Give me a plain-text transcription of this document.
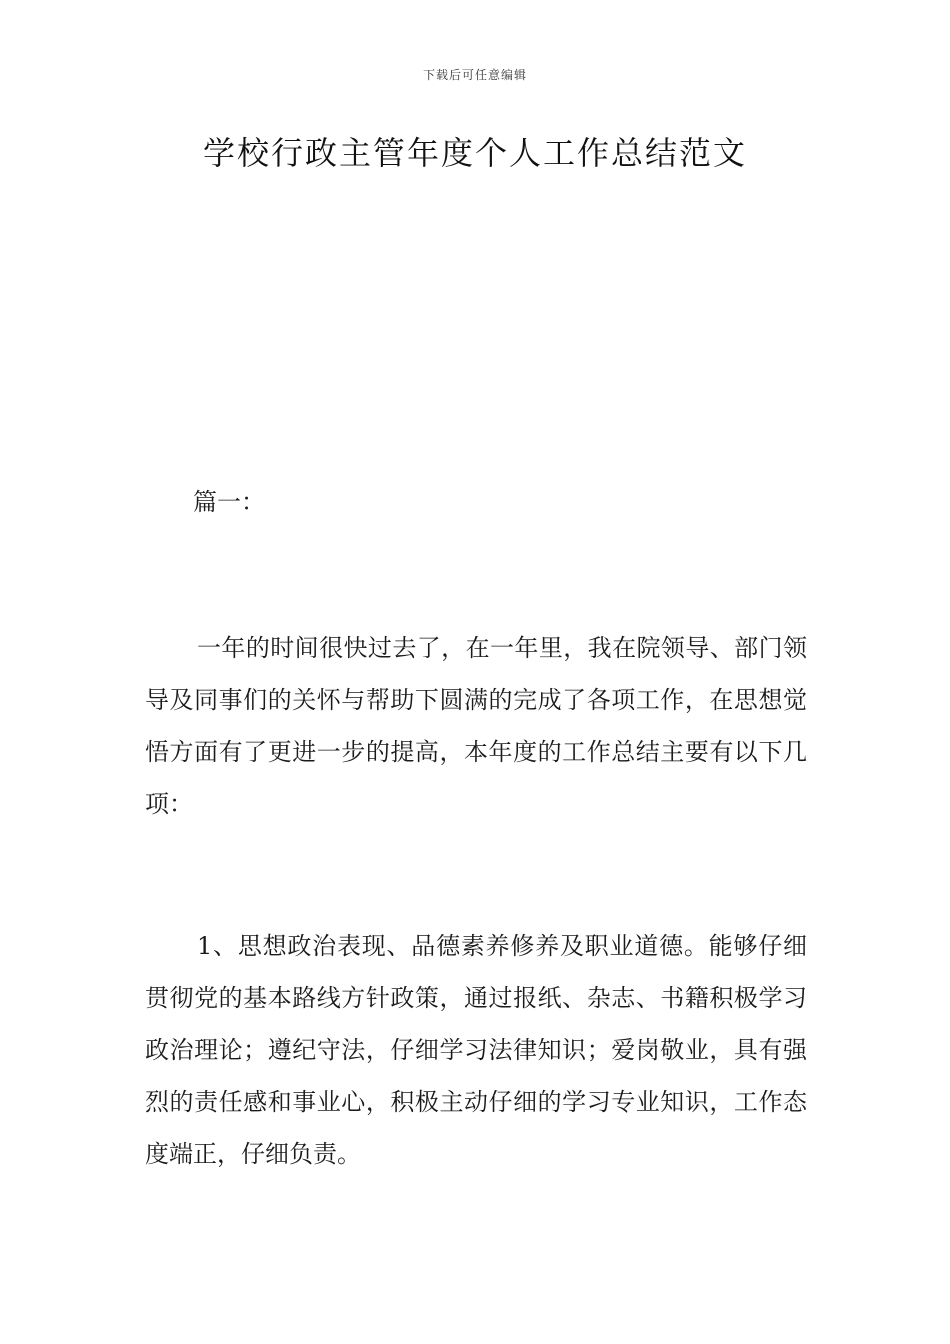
下载后可任意编辑
学校行政主管年度个人工作总结范文
篇一：

一年的时间很快过去了，在一年里，我在院领导、部门领导及同事们的关怀与帮助下圆满的完成了各项工作，在思想觉悟方面有了更进一步的提高，本年度的工作总结主要有以下几项：

1、思想政治表现、品德素养修养及职业道德。能够仔细贯彻党的基本路线方针政策，通过报纸、杂志、书籍积极学习政治理论；遵纪守法，仔细学习法律知识；爱岗敬业，具有强烈的责任感和事业心，积极主动仔细的学习专业知识，工作态度端正，仔细负责。
